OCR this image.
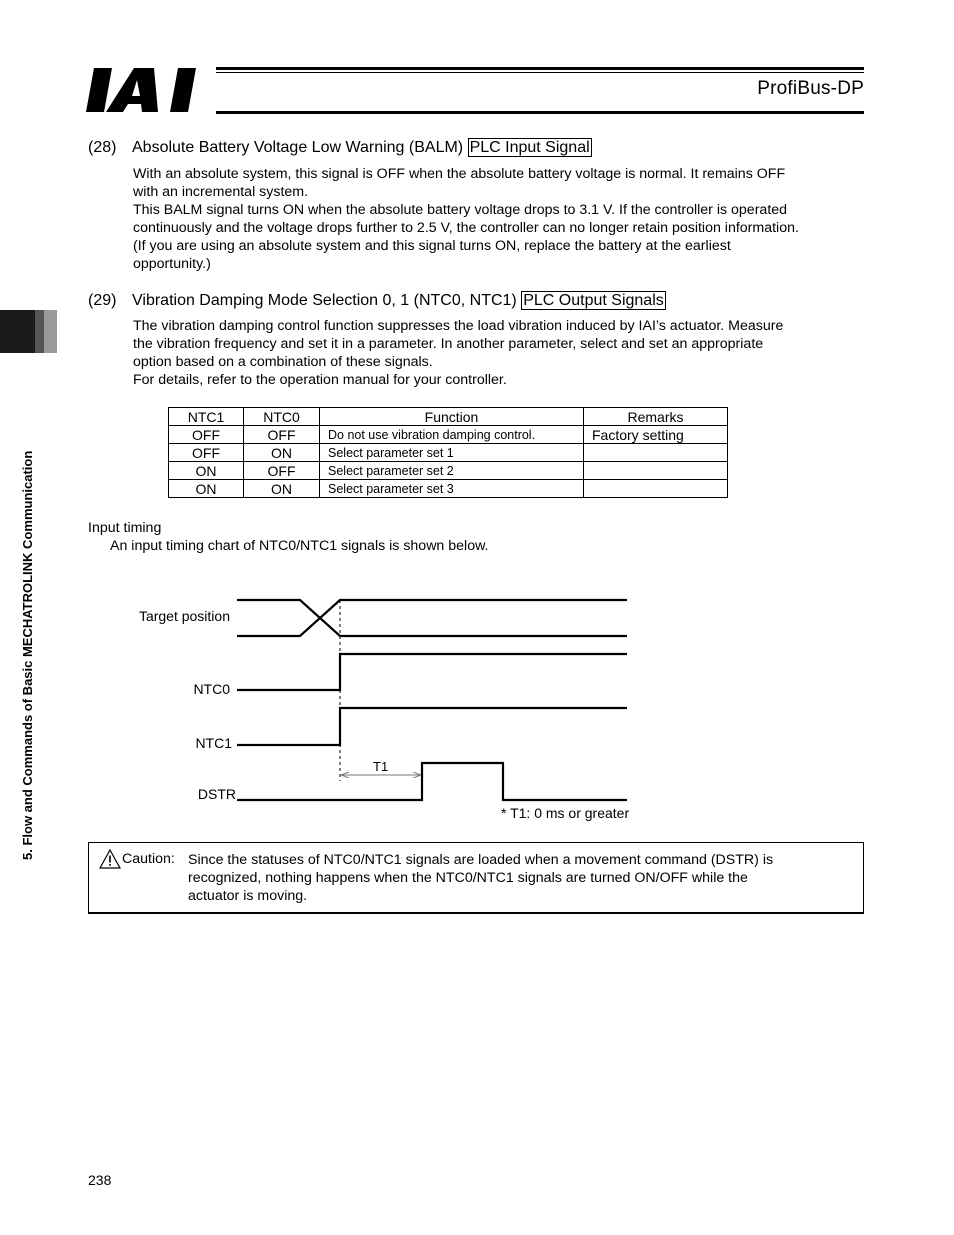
ProfiBus-DP
5. Flow and Commands of Basic MECHATROLINK Communication
(28) Absolute Battery Voltage Low Warning (BALM) PLC Input Signal
With an absolute system, this signal is OFF when the absolute battery voltage is normal. It remains OFF
with an incremental system.
This BALM signal turns ON when the absolute battery voltage drops to 3.1 V. If the controller is operated
continuously and the voltage drops further to 2.5 V, the controller can no longer retain position information.
(If you are using an absolute system and this signal turns ON, replace the battery at the earliest
opportunity.)
(29) Vibration Damping Mode Selection 0, 1 (NTC0, NTC1) PLC Output Signals
The vibration damping control function suppresses the load vibration induced by IAI’s actuator. Measure
the vibration frequency and set it in a parameter. In another parameter, select and set an appropriate
option based on a combination of these signals.
For details, refer to the operation manual for your controller.
NTC1	NTC0	Function	Remarks
OFF	OFF	Do not use vibration damping control.	Factory setting
OFF	ON	Select parameter set 1	
ON	OFF	Select parameter set 2	
ON	ON	Select parameter set 3	
Input timing
An input timing chart of NTC0/NTC1 signals is shown below.
Target position
NTC0
NTC1
DSTR
T1
* T1: 0 ms or greater
Caution: Since the statuses of NTC0/NTC1 signals are loaded when a movement command (DSTR) is
recognized, nothing happens when the NTC0/NTC1 signals are turned ON/OFF while the
actuator is moving.
238
